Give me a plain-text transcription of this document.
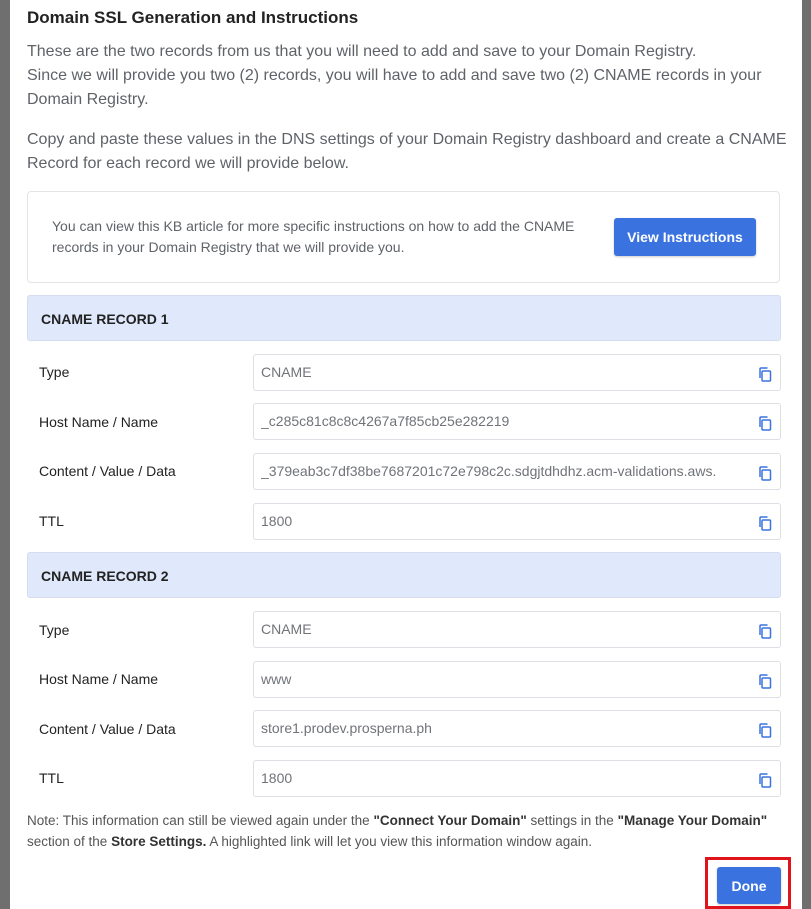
Domain SSL Generation and Instructions

These are the two records from us that you will need to add and save to your Domain Registry.

Since we will provide you two (2) records, you will have to add and save two (2) CNAME records in your Domain Registry.

Copy and paste these values in the DNS settings of your Domain Registry dashboard and create a CNAME Record for each record we will provide below.

You can view this KB article for more specific instructions on how to add the CNAME records in your Domain Registry that we will provide you.
View Instructions
CNAME RECORD 1
Type	CNAME
Host Name / Name	_c285c81c8c8c4267a7f85cb25e282219
Content / Value / Data	_379eab3c7df38be7687201c72e798c2c.sdgjtdhdhz.acm-validations.aws.
TTL	1800
CNAME RECORD 2
Type	CNAME
Host Name / Name	www
Content / Value / Data	store1.prodev.prosperna.ph
TTL	1800
Note: This information can still be viewed again under the "Connect Your Domain" settings in the "Manage Your Domain" section of the Store Settings. A highlighted link will let you view this information window again.
Done
